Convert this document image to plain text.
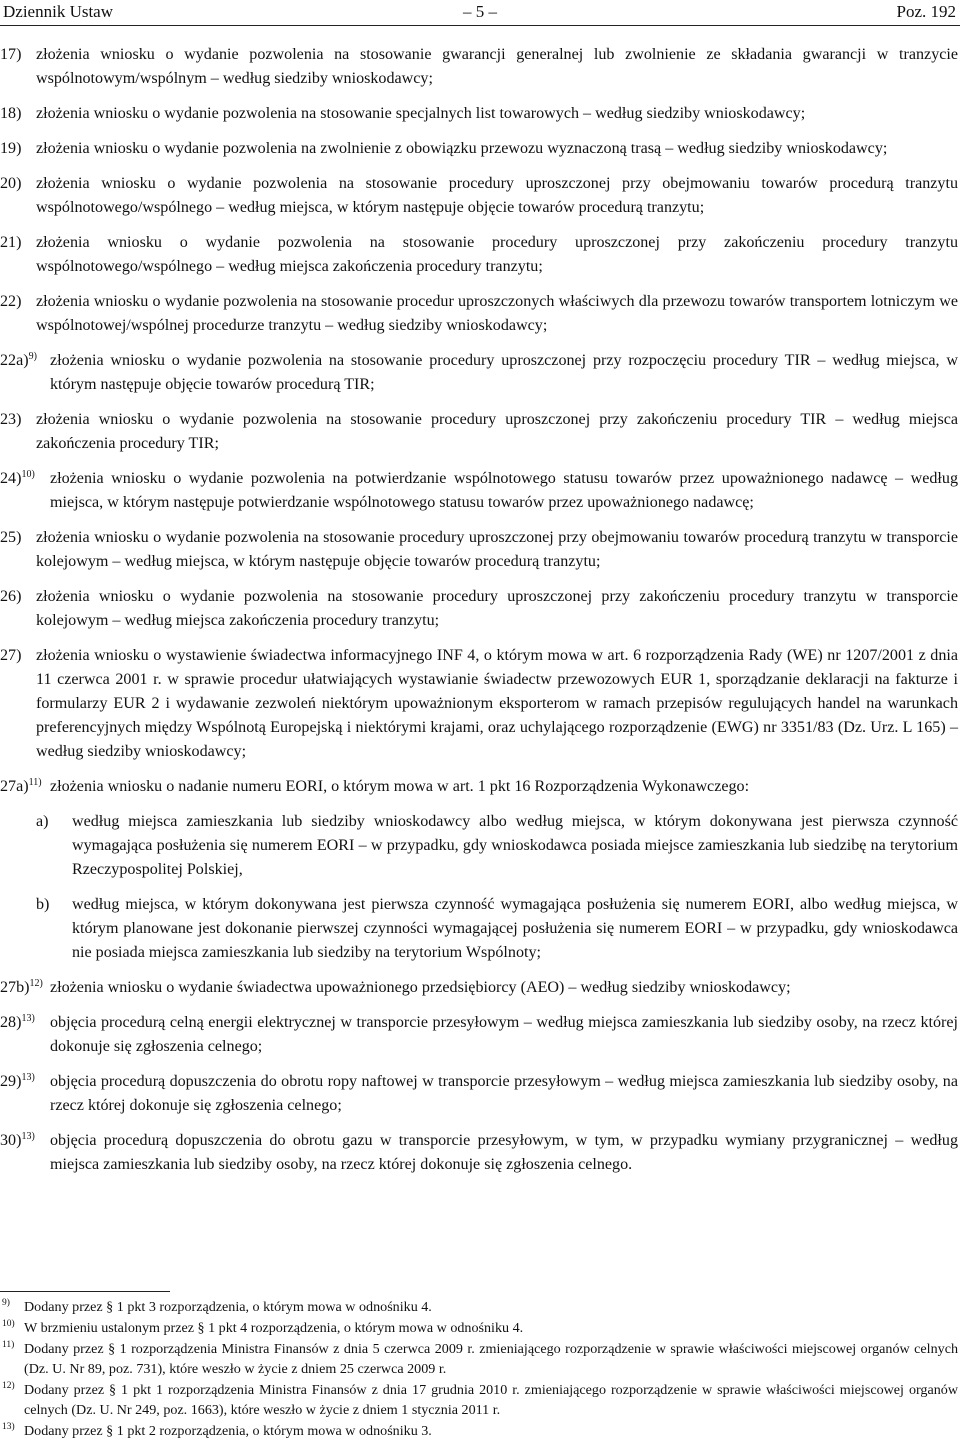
Dziennik Ustaw	– 5 –	Poz. 192
17) złożenia wniosku o wydanie pozwolenia na stosowanie gwarancji generalnej lub zwolnienie ze składania gwarancji w tranzycie wspólnotowym/wspólnym – według siedziby wnioskodawcy;
18) złożenia wniosku o wydanie pozwolenia na stosowanie specjalnych list towarowych – według siedziby wnioskodawcy;
19) złożenia wniosku o wydanie pozwolenia na zwolnienie z obowiązku przewozu wyznaczoną trasą – według siedziby wnioskodawcy;
20) złożenia wniosku o wydanie pozwolenia na stosowanie procedury uproszczonej przy obejmowaniu towarów procedurą tranzytu wspólnotowego/wspólnego – według miejsca, w którym następuje objęcie towarów procedurą tranzytu;
21) złożenia wniosku o wydanie pozwolenia na stosowanie procedury uproszczonej przy zakończeniu procedury tranzytu wspólnotowego/wspólnego – według miejsca zakończenia procedury tranzytu;
22) złożenia wniosku o wydanie pozwolenia na stosowanie procedur uproszczonych właściwych dla przewozu towarów transportem lotniczym we wspólnotowej/wspólnej procedurze tranzytu – według siedziby wnioskodawcy;
22a)$^{9)}$ złożenia wniosku o wydanie pozwolenia na stosowanie procedury uproszczonej przy rozpoczęciu procedury TIR – według miejsca, w którym następuje objęcie towarów procedurą TIR;
23) złożenia wniosku o wydanie pozwolenia na stosowanie procedury uproszczonej przy zakończeniu procedury TIR – według miejsca zakończenia procedury TIR;
24)$^{10)}$ złożenia wniosku o wydanie pozwolenia na potwierdzanie wspólnotowego statusu towarów przez upoważnionego nadawcę – według miejsca, w którym następuje potwierdzanie wspólnotowego statusu towarów przez upoważnionego nadawcę;
25) złożenia wniosku o wydanie pozwolenia na stosowanie procedury uproszczonej przy obejmowaniu towarów procedurą tranzytu w transporcie kolejowym – według miejsca, w którym następuje objęcie towarów procedurą tranzytu;
26) złożenia wniosku o wydanie pozwolenia na stosowanie procedury uproszczonej przy zakończeniu procedury tranzytu w transporcie kolejowym – według miejsca zakończenia procedury tranzytu;
27) złożenia wniosku o wystawienie świadectwa informacyjnego INF 4, o którym mowa w art. 6 rozporządzenia Rady (WE) nr 1207/2001 z dnia 11 czerwca 2001 r. w sprawie procedur ułatwiających wystawianie świadectw przewozowych EUR 1, sporządzanie deklaracji na fakturze i formularzy EUR 2 i wydawanie zezwoleń niektórym upoważnionym eksporterom w ramach przepisów regulujących handel na warunkach preferencyjnych między Wspólnotą Europejską i niektórymi krajami, oraz uchylającego rozporządzenie (EWG) nr 3351/83 (Dz. Urz. L 165) – według siedziby wnioskodawcy;
27a)$^{11)}$ złożenia wniosku o nadanie numeru EORI, o którym mowa w art. 1 pkt 16 Rozporządzenia Wykonawczego:
a) według miejsca zamieszkania lub siedziby wnioskodawcy albo według miejsca, w którym dokonywana jest pierwsza czynność wymagająca posłużenia się numerem EORI – w przypadku, gdy wnioskodawca posiada miejsce zamieszkania lub siedzibę na terytorium Rzeczypospolitej Polskiej,
b) według miejsca, w którym dokonywana jest pierwsza czynność wymagająca posłużenia się numerem EORI, albo według miejsca, w którym planowane jest dokonanie pierwszej czynności wymagającej posłużenia się numerem EORI – w przypadku, gdy wnioskodawca nie posiada miejsca zamieszkania lub siedziby na terytorium Wspólnoty;
27b)$^{12)}$ złożenia wniosku o wydanie świadectwa upoważnionego przedsiębiorcy (AEO) – według siedziby wnioskodawcy;
28)$^{13)}$ objęcia procedurą celną energii elektrycznej w transporcie przesyłowym – według miejsca zamieszkania lub siedziby osoby, na rzecz której dokonuje się zgłoszenia celnego;
29)$^{13)}$ objęcia procedurą dopuszczenia do obrotu ropy naftowej w transporcie przesyłowym – według miejsca zamieszkania lub siedziby osoby, na rzecz której dokonuje się zgłoszenia celnego;
30)$^{13)}$ objęcia procedurą dopuszczenia do obrotu gazu w transporcie przesyłowym, w tym, w przypadku wymiany przygranicznej – według miejsca zamieszkania lub siedziby osoby, na rzecz której dokonuje się zgłoszenia celnego.
9) Dodany przez § 1 pkt 3 rozporządzenia, o którym mowa w odnośniku 4.
10) W brzmieniu ustalonym przez § 1 pkt 4 rozporządzenia, o którym mowa w odnośniku 4.
11) Dodany przez § 1 rozporządzenia Ministra Finansów z dnia 5 czerwca 2009 r. zmieniającego rozporządzenie w sprawie właściwości miejscowej organów celnych (Dz. U. Nr 89, poz. 731), które weszło w życie z dniem 25 czerwca 2009 r.
12) Dodany przez § 1 pkt 1 rozporządzenia Ministra Finansów z dnia 17 grudnia 2010 r. zmieniającego rozporządzenie w sprawie właściwości miejscowej organów celnych (Dz. U. Nr 249, poz. 1663), które weszło w życie z dniem 1 stycznia 2011 r.
13) Dodany przez § 1 pkt 2 rozporządzenia, o którym mowa w odnośniku 3.
